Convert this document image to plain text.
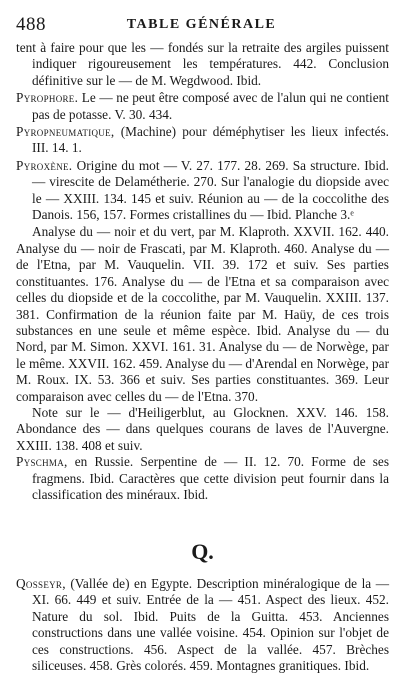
488	TABLE GÉNÉRALE

tent à faire pour que les — fondés sur la retraite des argiles puissent indiquer rigoureusement les températures. 442. Conclusion définitive sur le — de M. Wegdwood. Ibid.

Pyrophore. Le — ne peut être composé avec de l'alun qui ne contient pas de potasse. V. 30. 434.

Pyropneumatique, (Machine) pour déméphytiser les lieux infectés. III. 14. 1.

Pyroxène. Origine du mot — V. 27. 177. 28. 269. Sa structure. Ibid. — virescite de Delamétherie. 270. Sur l'analogie du diopside avec le — XXIII. 134. 145 et suiv. Réunion au — de la coccolithe des Danois. 156, 157. Formes cristallines du — Ibid. Planche 3.ᵉ

Analyse du — noir et du vert, par M. Klaproth. XXVII. 162. 440. Analyse du — noir de Frascati, par M. Klaproth. 460. Analyse du — de l'Etna, par M. Vauquelin. VII. 39. 172 et suiv. Ses parties constituantes. 176. Analyse du — de l'Etna et sa comparaison avec celles du diopside et de la coccolithe, par M. Vauquelin. XXIII. 137. 381. Confirmation de la réunion faite par M. Haüy, de ces trois substances en une seule et même espèce. Ibid. Analyse du — du Nord, par M. Simon. XXVI. 161. 31. Analyse du — de Norwège, par le même. XXVII. 162. 459. Analyse du — d'Arendal en Norwège, par M. Roux. IX. 53. 366 et suiv. Ses parties constituantes. 369. Leur comparaison avec celles du — de l'Etna. 370.

Note sur le — d'Heiligerblut, au Glocknen. XXV. 146. 158. Abondance des — dans quelques courans de laves de l'Auvergne. XXIII. 138. 408 et suiv.

Pyschma, en Russie. Serpentine de — II. 12. 70. Forme de ses fragmens. Ibid. Caractères que cette division peut fournir dans la classification des minéraux. Ibid.

Q.

Qosseyr, (Vallée de) en Egypte. Description minéralogique de la — XI. 66. 449 et suiv. Entrée de la — 451. Aspect des lieux. 452. Nature du sol. Ibid. Puits de la Guitta. 453. Anciennes constructions dans une vallée voisine. 454. Opinion sur l'objet de ces constructions. 456. Aspect de la vallée. 457. Brèches siliceuses. 458. Grès colorés. 459. Montagnes granitiques. Ibid.
